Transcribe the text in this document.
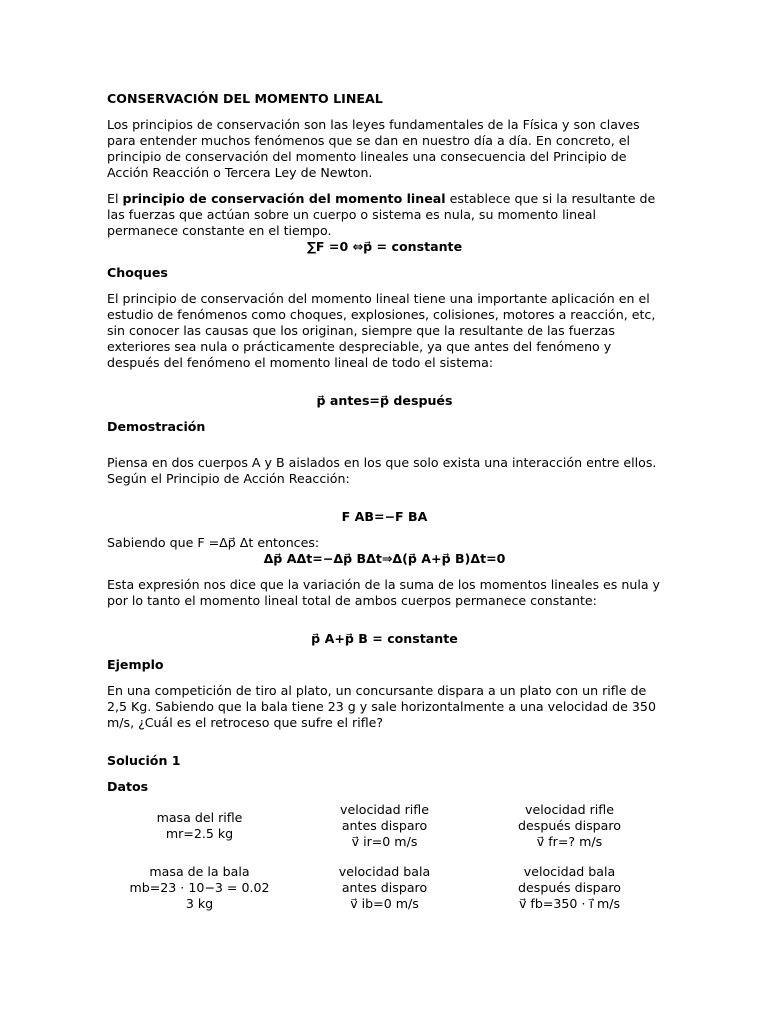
CONSERVACIÓN DEL MOMENTO LINEAL

Los principios de conservación son las leyes fundamentales de la Física y son claves para entender muchos fenómenos que se dan en nuestro día a día. En concreto, el principio de conservación del momento lineales una consecuencia del Principio de Acción Reacción o Tercera Ley de Newton.

El principio de conservación del momento lineal establece que si la resultante de las fuerzas que actúan sobre un cuerpo o sistema es nula, su momento lineal permanece constante en el tiempo.

∑F =0 ⇔p⃗ = constante

Choques

El principio de conservación del momento lineal tiene una importante aplicación en el estudio de fenómenos como choques, explosiones, colisiones, motores a reacción, etc, sin conocer las causas que los originan, siempre que la resultante de las fuerzas exteriores sea nula o prácticamente despreciable, ya que antes del fenómeno y después del fenómeno el momento lineal de todo el sistema:

p⃗ antes=p⃗ después

Demostración

Piensa en dos cuerpos A y B aislados en los que solo exista una interacción entre ellos. Según el Principio de Acción Reacción:

F AB=−F BA

Sabiendo que F =Δp⃗ Δt entonces:

Δp⃗ AΔt=−Δp⃗ BΔt⇒Δ(p⃗ A+p⃗ B)Δt=0

Esta expresión nos dice que la variación de la suma de los momentos lineales es nula y por lo tanto el momento lineal total de ambos cuerpos permanece constante:

p⃗ A+p⃗ B = constante

Ejemplo

En una competición de tiro al plato, un concursante dispara a un plato con un rifle de 2,5 Kg. Sabiendo que la bala tiene 23 g y sale horizontalmente a una velocidad de 350 m/s, ¿Cuál es el retroceso que sufre el rifle?

Solución 1

Datos

masa del rifle

mr=2.5 kg

velocidad rifle

antes disparo

v⃗ ir=0 m/s

velocidad rifle

después disparo

v⃗ fr=? m/s

masa de la bala

mb=23 · 10−3 = 0.02

3 kg

velocidad bala

antes disparo

v⃗ ib=0 m/s

velocidad bala

después disparo

v⃗ fb=350 · i⃗ m/s
